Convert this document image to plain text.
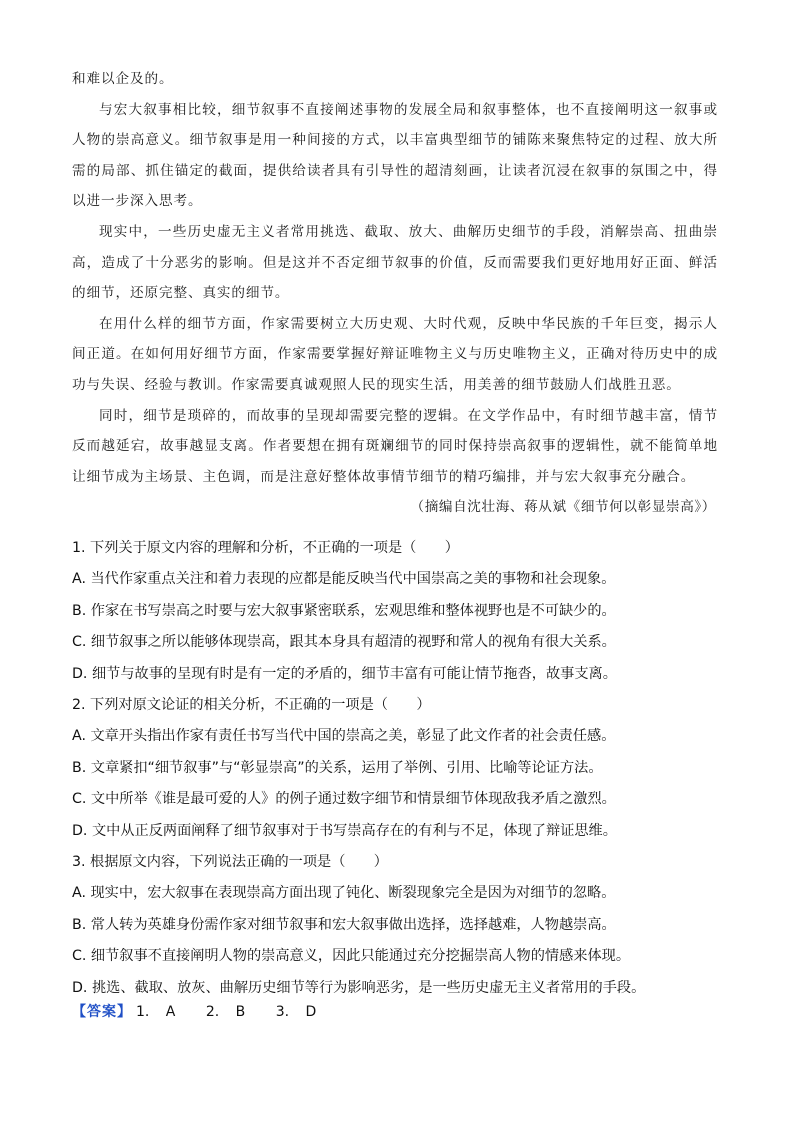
和难以企及的。

与宏大叙事相比较，细节叙事不直接阐述事物的发展全局和叙事整体，也不直接阐明这一叙事或人物的崇高意义。细节叙事是用一种间接的方式，以丰富典型细节的铺陈来聚焦特定的过程、放大所需的局部、抓住锚定的截面，提供给读者具有引导性的超清刻画，让读者沉浸在叙事的氛围之中，得以进一步深入思考。

现实中，一些历史虚无主义者常用挑选、截取、放大、曲解历史细节的手段，消解崇高、扭曲崇高，造成了十分恶劣的影响。但是这并不否定细节叙事的价值，反而需要我们更好地用好正面、鲜活的细节，还原完整、真实的细节。

在用什么样的细节方面，作家需要树立大历史观、大时代观，反映中华民族的千年巨变，揭示人间正道。在如何用好细节方面，作家需要掌握好辩证唯物主义与历史唯物主义，正确对待历史中的成功与失误、经验与教训。作家需要真诚观照人民的现实生活，用美善的细节鼓励人们战胜丑恶。

同时，细节是琐碎的，而故事的呈现却需要完整的逻辑。在文学作品中，有时细节越丰富，情节反而越延宕，故事越显支离。作者要想在拥有斑斓细节的同时保持崇高叙事的逻辑性，就不能简单地让细节成为主场景、主色调，而是注意好整体故事情节细节的精巧编排，并与宏大叙事充分融合。

（摘编自沈壮海、蒋从斌《细节何以彰显崇高》）

1. 下列关于原文内容的理解和分析，不正确的一项是（　　）
A. 当代作家重点关注和着力表现的应都是能反映当代中国崇高之美的事物和社会现象。
B. 作家在书写崇高之时要与宏大叙事紧密联系，宏观思维和整体视野也是不可缺少的。
C. 细节叙事之所以能够体现崇高，跟其本身具有超清的视野和常人的视角有很大关系。
D. 细节与故事的呈现有时是有一定的矛盾的，细节丰富有可能让情节拖沓，故事支离。
2. 下列对原文论证的相关分析，不正确的一项是（　　）
A. 文章开头指出作家有责任书写当代中国的崇高之美，彰显了此文作者的社会责任感。
B. 文章紧扣“细节叙事”与“彰显崇高”的关系，运用了举例、引用、比喻等论证方法。
C. 文中所举《谁是最可爱的人》的例子通过数字细节和情景细节体现敌我矛盾之激烈。
D. 文中从正反两面阐释了细节叙事对于书写崇高存在的有利与不足，体现了辩证思维。
3. 根据原文内容，下列说法正确的一项是（　　）
A. 现实中，宏大叙事在表现崇高方面出现了钝化、断裂现象完全是因为对细节的忽略。
B. 常人转为英雄身份需作家对细节叙事和宏大叙事做出选择，选择越难，人物越崇高。
C. 细节叙事不直接阐明人物的崇高意义，因此只能通过充分挖掘崇高人物的情感来体现。
D. 挑选、截取、放灰、曲解历史细节等行为影响恶劣，是一些历史虚无主义者常用的手段。
【答案】 1. A　 2. B　 3. D
